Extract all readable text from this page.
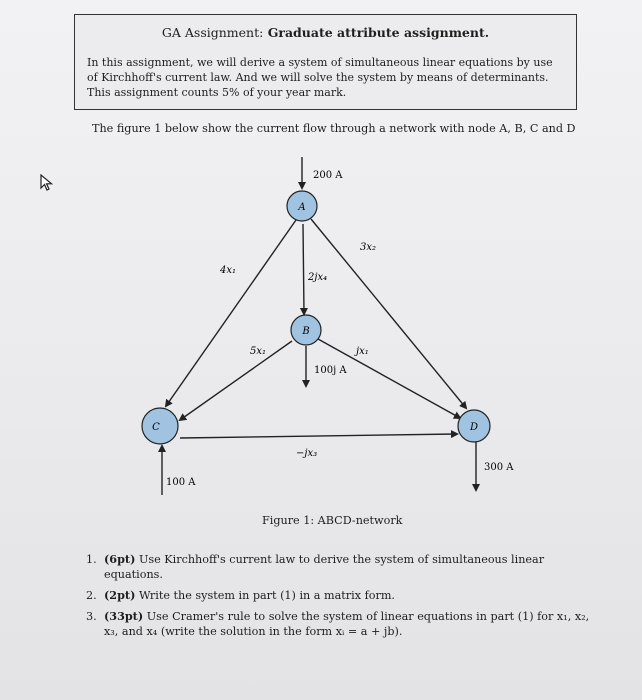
GA Assignment: Graduate attribute assignment.
In this assignment, we will derive a system of simultaneous linear equations by use of Kirchhoff's current law. And we will solve the system by means of determinants. This assignment counts 5% of your year mark.
The figure 1 below show the current flow through a network with node A, B, C and D
A
B
C	D
200 A
100 A
300 A
100j A
4x₁
2jx₄
3x₂
5x₁	jx₁
−jx₃
Figure 1: ABCD-network
1. (6pt) Use Kirchhoff's current law to derive the system of simultaneous linear equations.
2. (2pt) Write the system in part (1) in a matrix form.
3. (33pt) Use Cramer's rule to solve the system of linear equations in part (1) for x₁, x₂, x₃, and x₄ (write the solution in the form xᵢ = a + jb).
